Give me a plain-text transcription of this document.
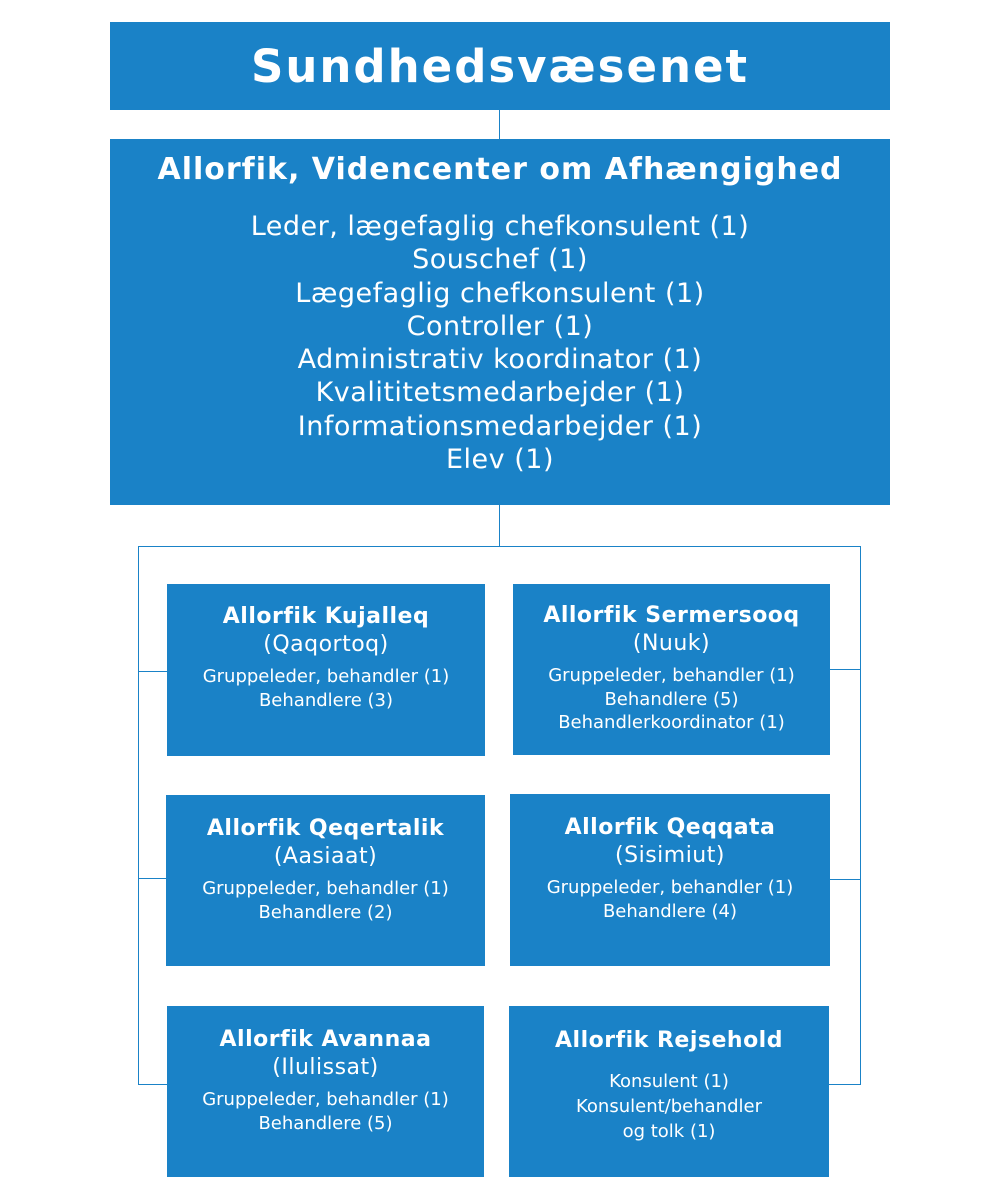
Sundhedsvæsenet
Allorfik, Videncenter om Afhængighed
Leder, lægefaglig chefkonsulent (1)
Souschef (1)
Lægefaglig chefkonsulent (1)
Controller (1)
Administrativ koordinator (1)
Kvalititetsmedarbejder (1)
Informationsmedarbejder (1)
Elev (1)
Allorfik Kujalleq
(Qaqortoq)
Gruppeleder, behandler (1)
Behandlere (3)
Allorfik Sermersooq
(Nuuk)
Gruppeleder, behandler (1)
Behandlere (5)
Behandlerkoordinator (1)
Allorfik Qeqertalik
(Aasiaat)
Gruppeleder, behandler (1)
Behandlere (2)
Allorfik Qeqqata
(Sisimiut)
Gruppeleder, behandler (1)
Behandlere (4)
Allorfik Avannaa
(Ilulissat)
Gruppeleder, behandler (1)
Behandlere (5)
Allorfik Rejsehold
Konsulent (1)
Konsulent/behandler
og tolk (1)
